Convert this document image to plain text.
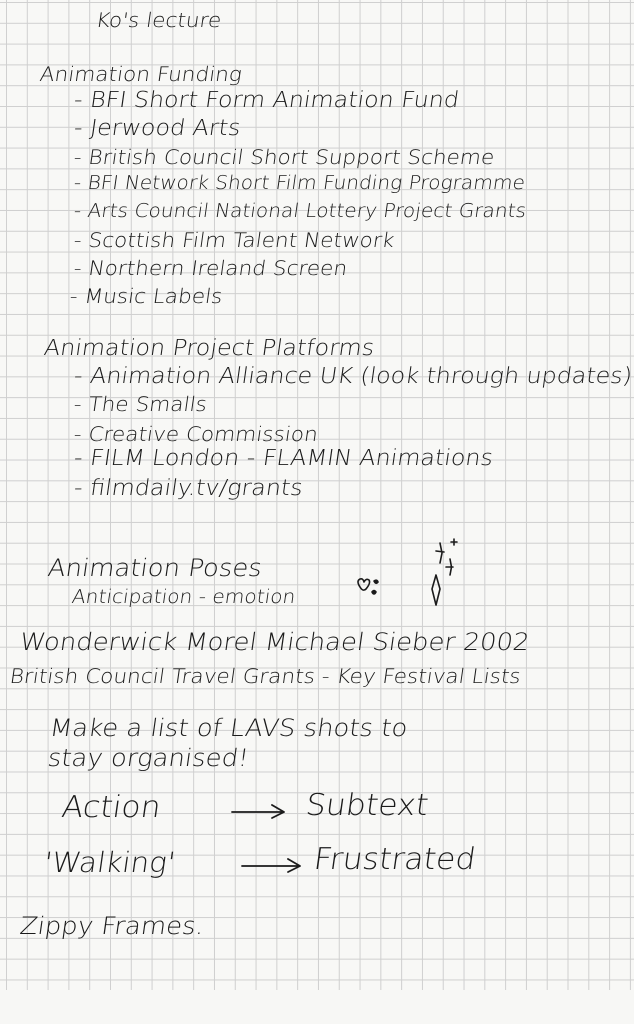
Ko's lecture
Animation Funding
- BFI Short Form Animation Fund
- Jerwood Arts
- British Council Short Support Scheme
- BFI Network Short Film Funding Programme
- Arts Council National Lottery Project Grants
- Scottish Film Talent Network
- Northern Ireland Screen
- Music Labels
Animation Project Platforms
- Animation Alliance UK (look through updates)
- The Smalls
- Creative Commission
- FILM London - FLAMIN Animations
- filmdaily.tv/grants
Animation Poses
Anticipation - emotion
Wonderwick Morel Michael Sieber 2002
British Council Travel Grants - Key Festival Lists
Make a list of LAVS shots to
stay organised!
Action	Subtext
'Walking'	Frustrated
Zippy Frames.
